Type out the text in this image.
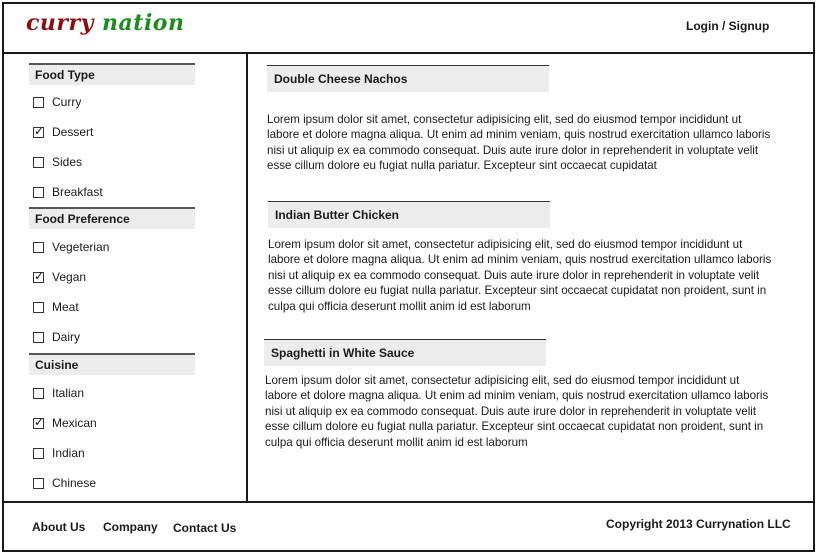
curry nation	Login / Signup
Food Type
Curry
✓ Dessert
Sides
Breakfast
Food Preference
Vegeterian
✓ Vegan
Meat
Dairy
Cuisine
Italian
✓ Mexican
Indian
Chinese
Double Cheese Nachos
Lorem ipsum dolor sit amet, consectetur adipisicing elit, sed do eiusmod tempor incididunt ut labore et dolore magna aliqua. Ut enim ad minim veniam, quis nostrud exercitation ullamco laboris nisi ut aliquip ex ea commodo consequat. Duis aute irure dolor in reprehenderit in voluptate velit esse cillum dolore eu fugiat nulla pariatur. Excepteur sint occaecat cupidatat
Indian Butter Chicken
Lorem ipsum dolor sit amet, consectetur adipisicing elit, sed do eiusmod tempor incididunt ut labore et dolore magna aliqua. Ut enim ad minim veniam, quis nostrud exercitation ullamco laboris nisi ut aliquip ex ea commodo consequat. Duis aute irure dolor in reprehenderit in voluptate velit esse cillum dolore eu fugiat nulla pariatur. Excepteur sint occaecat cupidatat non proident, sunt in culpa qui officia deserunt mollit anim id est laborum
Spaghetti in White Sauce
Lorem ipsum dolor sit amet, consectetur adipisicing elit, sed do eiusmod tempor incididunt ut labore et dolore magna aliqua. Ut enim ad minim veniam, quis nostrud exercitation ullamco laboris nisi ut aliquip ex ea commodo consequat. Duis aute irure dolor in reprehenderit in voluptate velit esse cillum dolore eu fugiat nulla pariatur. Excepteur sint occaecat cupidatat non proident, sunt in culpa qui officia deserunt mollit anim id est laborum
About Us Company Contact Us	Copyright 2013 Currynation LLC
